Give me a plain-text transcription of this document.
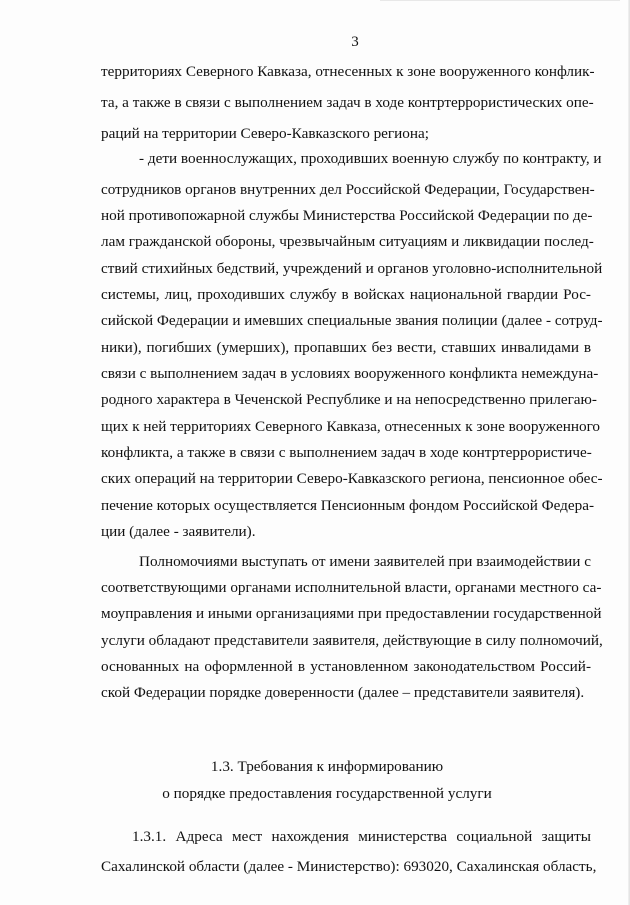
3
территориях Северного Кавказа, отнесенных к зоне вооруженного конфлик-
та, а также в связи с выполнением задач в ходе контртеррористических опе-
раций на территории Северо-Кавказского региона;
- дети военнослужащих, проходивших военную службу по контракту, и
сотрудников органов внутренних дел Российской Федерации, Государствен-
ной противопожарной службы Министерства Российской Федерации по де-
лам гражданской обороны, чрезвычайным ситуациям и ликвидации послед-
ствий стихийных бедствий, учреждений и органов уголовно-исполнительной
системы, лиц, проходивших службу в войсках национальной гвардии Рос-
сийской Федерации и имевших специальные звания полиции (далее - сотруд-
ники), погибших (умерших), пропавших без вести, ставших инвалидами в
связи с выполнением задач в условиях вооруженного конфликта немеждуна-
родного характера в Чеченской Республике и на непосредственно прилегаю-
щих к ней территориях Северного Кавказа, отнесенных к зоне вооруженного
конфликта, а также в связи с выполнением задач в ходе контртеррористиче-
ских операций на территории Северо-Кавказского региона, пенсионное обес-
печение которых осуществляется Пенсионным фондом Российской Федера-
ции (далее - заявители).
Полномочиями выступать от имени заявителей при взаимодействии с
соответствующими органами исполнительной власти, органами местного са-
моуправления и иными организациями при предоставлении государственной
услуги обладают представители заявителя, действующие в силу полномочий,
основанных на оформленной в установленном законодательством Россий-
ской Федерации порядке доверенности (далее – представители заявителя).
1.3. Требования к информированию
о порядке предоставления государственной услуги
1.3.1. Адреса мест нахождения министерства социальной защиты
Сахалинской области (далее - Министерство): 693020, Сахалинская область,
